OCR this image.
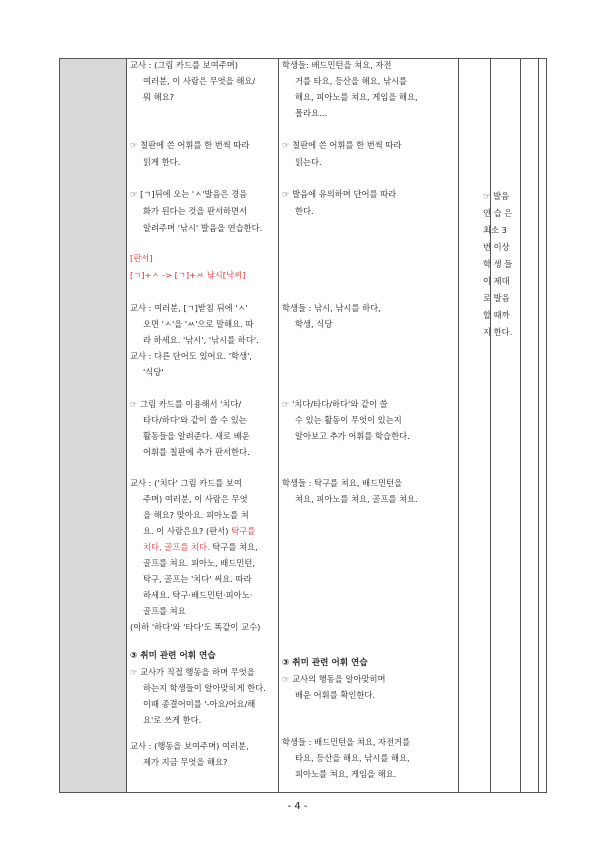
교사 : (그림 카드를 보여주며)
여러분, 이 사람은 무엇을 해요/
뭐 해요?
☞ 칠판에 쓴 어휘를 한 번씩 따라
읽게 한다.
☞ [ㄱ]뒤에 오는 'ㅅ'발음은 경음
화가 된다는 것을 판서하면서
알려주며 '낚시' 발음을 연습한다.
[판서]
[ㄱ]+ㅅ -> [ㄱ]+ㅆ 낚시[낙씨]
교사 : 여러분, [ㄱ]받침 뒤에 'ㅅ'
오면 'ㅅ'을 'ㅆ'으로 말해요. 따
라 하세요. '낚시', '낚시를 하다'.
교사 : 다른 단어도 있어요. '학생',
'식당'
☞ 그림 카드를 이용해서 '치다/
타다/하다'와 같이 쓸 수 있는
활동들을 알려준다. 새로 배운
어휘를 칠판에 추가 판서한다.
교사 : ('치다' 그림 카드를 보여
주며) 여러분, 이 사람은 무엇
을 해요? 맞아요. 피아노를 쳐
요. 이 사람은요? (판서) 탁구를
치다, 골프를 치다. 탁구를 쳐요,
골프를 쳐요. 피아노, 배드민턴,
탁구, 골프는 '치다' 써요. 따라
하세요. 탁구·배드민턴·피아노·
골프를 쳐요
(이하 '하다'와 '타다'도 똑같이 교수)
③ 취미 관련 어휘 연습
☞ 교사가 직접 행동을 하며 무엇을
하는지 학생들이 알아맞히게 한다.
이때 종결어미를 '-아요/어요/해
요'로 쓰게 한다.
교사 : (행동을 보여주며) 여러분,
제가 지금 무엇을 해요?
학생들: 배드민턴을 쳐요, 자전
거를 타요, 등산을 해요, 낚시를
해요, 피아노를 쳐요, 게임을 해요,
몰라요…
☞ 칠판에 쓴 어휘를 한 번씩 따라
읽는다.
☞ 발음에 유의하며 단어를 따라
한다.
학생들 : 낚시, 낚시를 하다,
학생, 식당
☞ '치다/타다/하다'와 같이 쓸
수 있는 활동이 무엇이 있는지
알아보고 추가 어휘를 학습한다.
학생들 : 탁구를 쳐요, 배드민턴을
쳐요, 피아노를 쳐요, 골프를 쳐요.
③ 취미 관련 어휘 연습
☞ 교사의 행동을 알아맞히며
배운 어휘를 확인한다.
학생들 : 배드민턴을 쳐요, 자전거를
타요, 등산을 해요, 낚시를 해요,
피아노를 쳐요, 게임을 해요.
☞ 발음
연 습 은
최소 3
번 이상
학 생 들
이 제대
로 발음
할 때까
지 한다.
- 4 -
